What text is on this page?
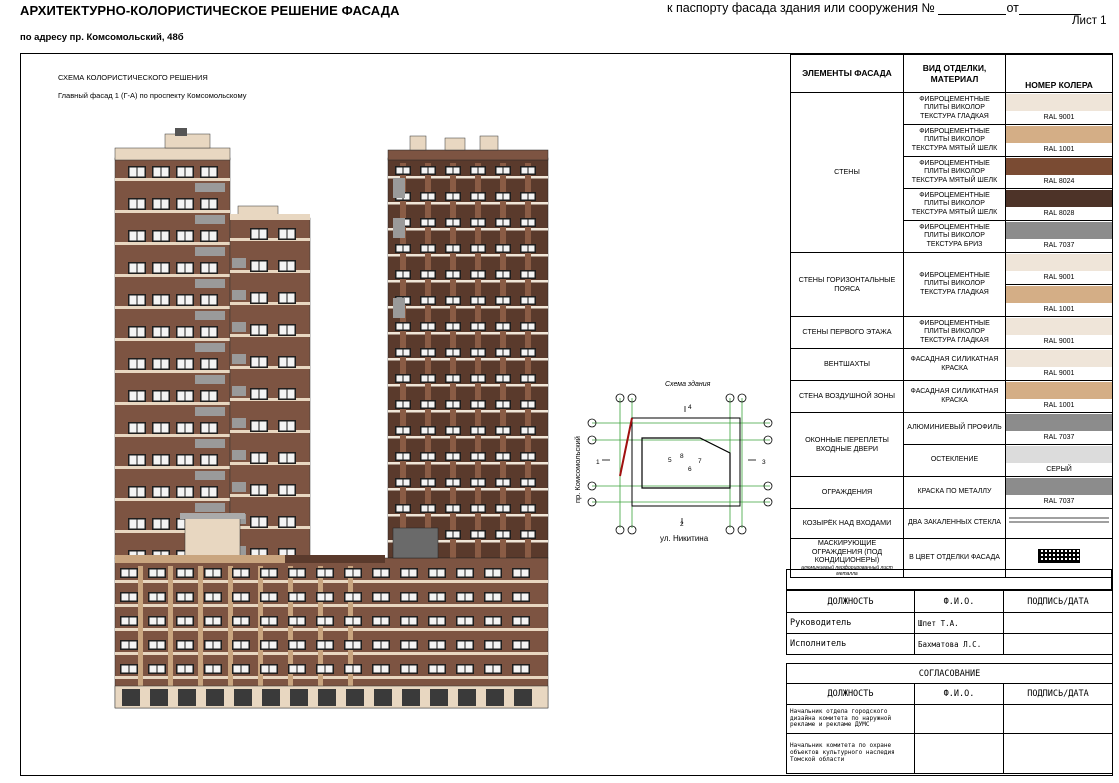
АРХИТЕКТУРНО-КОЛОРИСТИЧЕСКОЕ РЕШЕНИЕ ФАСАДА
по адресу пр. Комсомольский, 48б
к паспорту фасада здания или сооружения №	от
Лист 1
СХЕМА КОЛОРИСТИЧЕСКОГО РЕШЕНИЯ
Главный фасад 1 (Г-А) по проспекту Комсомольскому
Схема здания
пр. Комсомольский
ул. Никитина
4
1	3
2
8
7
6
5
ЭЛЕМЕНТЫ ФАСАДА	ВИД ОТДЕЛКИ, МАТЕРИАЛ	НОМЕР КОЛЕРА
СТЕНЫ	ФИБРОЦЕМЕНТНЫЕ ПЛИТЫ ВИКОЛОР ТЕКСТУРА ГЛАДКАЯ	RAL 9001

	ФИБРОЦЕМЕНТНЫЕ ПЛИТЫ ВИКОЛОР ТЕКСТУРА МЯТЫЙ ШЕЛК	RAL 1001

	ФИБРОЦЕМЕНТНЫЕ ПЛИТЫ ВИКОЛОР ТЕКСТУРА МЯТЫЙ ШЕЛК	RAL 8024

	ФИБРОЦЕМЕНТНЫЕ ПЛИТЫ ВИКОЛОР ТЕКСТУРА МЯТЫЙ ШЕЛК	RAL 8028

	ФИБРОЦЕМЕНТНЫЕ ПЛИТЫ ВИКОЛОР ТЕКСТУРА БРИЗ	RAL 7037

СТЕНЫ ГОРИЗОНТАЛЬНЫЕ ПОЯСА	ФИБРОЦЕМЕНТНЫЕ ПЛИТЫ ВИКОЛОР ТЕКСТУРА ГЛАДКАЯ	RAL 9001

		RAL 1001

СТЕНЫ ПЕРВОГО ЭТАЖА	ФИБРОЦЕМЕНТНЫЕ ПЛИТЫ ВИКОЛОР ТЕКСТУРА ГЛАДКАЯ	RAL 9001

ВЕНТШАХТЫ	ФАСАДНАЯ СИЛИКАТНАЯ КРАСКА	RAL 9001

СТЕНА ВОЗДУШНОЙ ЗОНЫ	ФАСАДНАЯ СИЛИКАТНАЯ КРАСКА	RAL 1001

ОКОННЫЕ ПЕРЕПЛЕТЫ ВХОДНЫЕ ДВЕРИ	АЛЮМИНИЕВЫЙ ПРОФИЛЬ	RAL 7037

	ОСТЕКЛЕНИЕ	СЕРЫЙ

ОГРАЖДЕНИЯ	КРАСКА ПО МЕТАЛЛУ	RAL 7037

КОЗЫРЁК НАД ВХОДАМИ	ДВА ЗАКАЛЕННЫХ СТЕКЛА	
МАСКИРУЮЩИЕ ОГРАЖДЕНИЯ (ПОД КОНДИЦИОНЕРЫ)
алюминиевый перфорированный лист металла	В ЦВЕТ ОТДЕЛКИ ФАСАДА	
ДОЛЖНОСТЬ	Ф.И.О.	ПОДПИСЬ/ДАТА
Руководитель	Шпет Т.А.	
Исполнитель	Бахматова Л.С.	
СОГЛАСОВАНИЕ		
ДОЛЖНОСТЬ	Ф.И.О.	ПОДПИСЬ/ДАТА
Начальник отдела городского дизайна комитета по наружной рекламе и рекламе ДУМС		
Начальник комитета по охране объектов культурного наследия Томской области		
